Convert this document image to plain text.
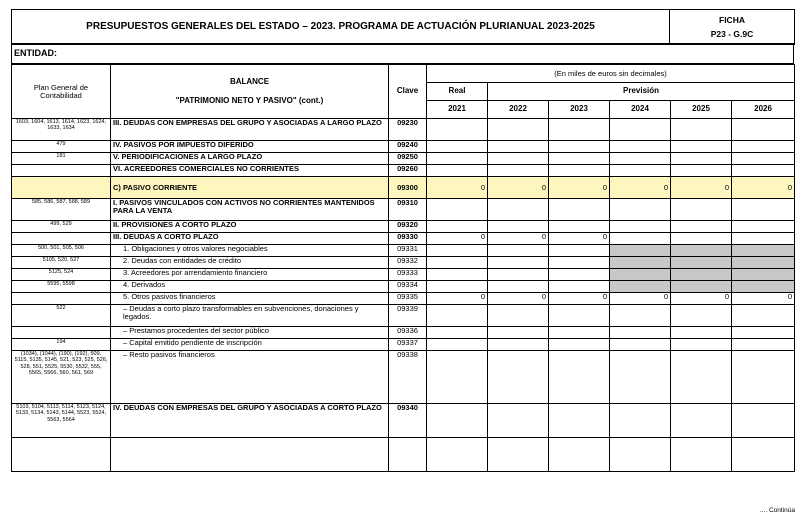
PRESUPUESTOS GENERALES DEL ESTADO – 2023. PROGRAMA DE ACTUACIÓN PLURIANUAL 2023-2025	
FICHA
P23 - G.9C
ENTIDAD:
Plan General de Contabilidad	BALANCE
"PATRIMONIO NETO Y PASIVO" (cont.)	Clave	(En miles de euros sin decimales)					
			Real	Previsión				
			2021	2022	2023	2024	2025	2026
1603, 1604, 1613, 1614, 1623, 1624, 1633, 1634	III. DEUDAS CON EMPRESAS DEL GRUPO Y ASOCIADAS A LARGO PLAZO	09230						
479	IV. PASIVOS POR IMPUESTO DIFERIDO	09240						
181	V. PERIODIFICACIONES A LARGO PLAZO	09250						
	VI. ACREEDORES COMERCIALES NO CORRIENTES	09260						
	C) PASIVO CORRIENTE	09300	0	0	0	0	0	0
585, 586, 587, 588, 589	I. PASIVOS VINCULADOS CON ACTIVOS NO CORRIENTES MANTENIDOS PARA LA VENTA	09310						
499, 529	II. PROVISIONES A CORTO PLAZO	09320						
	III. DEUDAS A CORTO PLAZO	09330	0	0	0			
500, 501, 505, 506	1. Obligaciones y otros valores negociables	09331						
5105, 520, 527	2. Deudas con entidades de crédito	09332						
5125, 524	3. Acreedores por arrendamiento financiero	09333						
5595, 5598	4. Derivados	09334						
	5. Otros pasivos financieros	09335	0	0	0	0	0	0
522	– Deudas a corto plazo transformables en subvenciones, donaciones y legados.	09339						
	– Prestamos procedentes del sector público	09336						
194	– Capital emitido pendiente de inscripción	09337						
(1034), (1044), (190), (192), 509, 5115, 5135, 5145, 521, 523, 525, 526, 528, 551, 5525, 5530, 5532, 555, 5565, 5566, 560, 561, 569	– Resto pasivos financieros	09338						
5103, 5104, 5113, 5114, 5123, 5124, 5133, 5134, 5143, 5144, 5523, 5524, 5563, 5564	IV. DEUDAS CON EMPRESAS DEL GRUPO Y ASOCIADAS A CORTO PLAZO	09340						

.... Continúa
